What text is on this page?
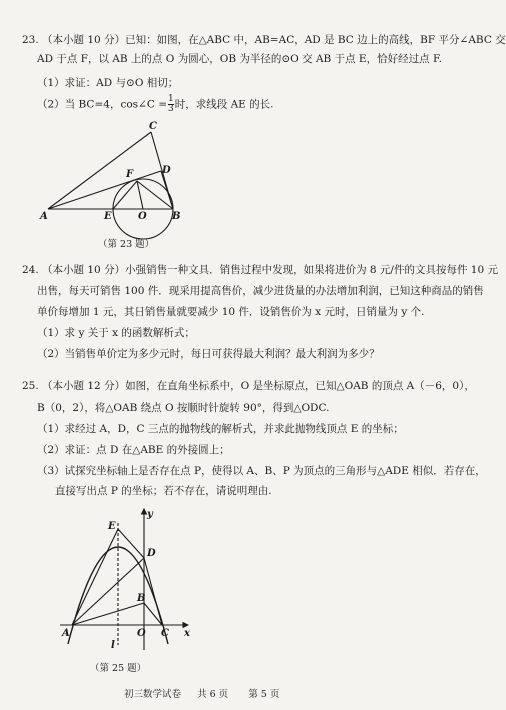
23. （本小题 10 分）已知：如图，在△ABC 中，AB=AC，AD 是 BC 边上的高线，BF 平分∠ABC 交
AD 于点 F，以 AB 上的点 O 为圆心，OB 为半径的⊙O 交 AB 于点 E，恰好经过点 F.
（1）求证：AD 与⊙O 相切；
（2）当 BC=4，cos∠C = $\frac{1}{3}$ 时，求线段 AE 的长.
C
D
F
A	E	O	B
（第 23 题）
24. （本小题 10 分）小强销售一种文具．销售过程中发现，如果将进价为 8 元/件的文具按每件 10 元
出售，每天可销售 100 件．现采用提高售价，减少进货量的办法增加利润，已知这种商品的销售
单价每增加 1 元，其日销售量就要减少 10 件．设销售价为 x 元时，日销量为 y 个.
（1）求 y 关于 x 的函数解析式；
（2）当销售单价定为多少元时，每日可获得最大利润？最大利润为多少？
25. （本小题 12 分）如图，在直角坐标系中，O 是坐标原点，已知△OAB 的顶点 A（－6，0），
B（0，2），将△OAB 绕点 O 按顺时针旋转 90°，得到△ODC.
（1）求经过 A，D，C 三点的抛物线的解析式，并求此抛物线顶点 E 的坐标；
（2）求证：点 D 在△ABE 的外接圆上；
（3）试探究坐标轴上是否存在点 P，使得以 A、B、P 为顶点的三角形与△ADE 相似．若存在，
直接写出点 P 的坐标；若不存在，请说明理由.
y
E
D
B
A	O C x
l
（第 25 题）
初三数学试卷 共 6 页 第 5 页
